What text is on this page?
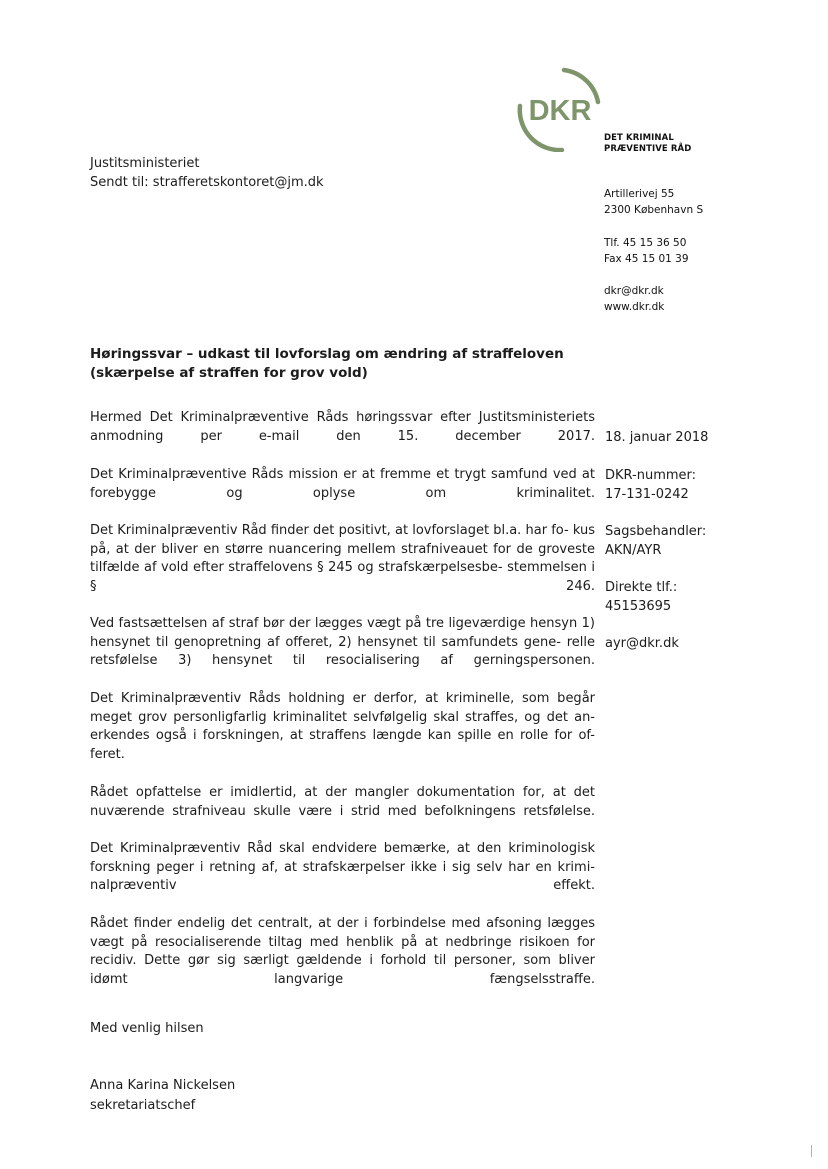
DKR
DET KRIMINAL
PRÆVENTIVE RÅD
Artillerivej 55
2300 København S
Tlf. 45 15 36 50
Fax 45 15 01 39
dkr@dkr.dk
www.dkr.dk
Justitsministeriet
Sendt til: strafferetskontoret@jm.dk
Høringssvar – udkast til lovforslag om ændring af straffeloven
(skærpelse af straffen for grov vold)
Hermed Det Kriminalpræventive Råds høringssvar efter Justitsministeriets anmodning per e-mail den 15. december 2017.
Det Kriminalpræventive Råds mission er at fremme et trygt samfund ved at forebygge og oplyse om kriminalitet.
Det Kriminalpræventiv Råd finder det positivt, at lovforslaget bl.a. har fo- kus på, at der bliver en større nuancering mellem strafniveauet for de groveste tilfælde af vold efter straffelovens § 245 og strafskærpelsesbe- stemmelsen i § 246.
Ved fastsættelsen af straf bør der lægges vægt på tre ligeværdige hensyn 1) hensynet til genopretning af offeret, 2) hensynet til samfundets gene- relle retsfølelse 3) hensynet til resocialisering af gerningspersonen.
Det Kriminalpræventiv Råds holdning er derfor, at kriminelle, som begår meget grov personligfarlig kriminalitet selvfølgelig skal straffes, og det an- erkendes også i forskningen, at straffens længde kan spille en rolle for of- feret.
Rådet opfattelse er imidlertid, at der mangler dokumentation for, at det nuværende strafniveau skulle være i strid med befolkningens retsfølelse.
Det Kriminalpræventiv Råd skal endvidere bemærke, at den kriminologisk forskning peger i retning af, at strafskærpelser ikke i sig selv har en krimi- nalpræventiv effekt.
Rådet finder endelig det centralt, at der i forbindelse med afsoning lægges vægt på resocialiserende tiltag med henblik på at nedbringe risikoen for recidiv. Dette gør sig særligt gældende i forhold til personer, som bliver idømt langvarige fængselsstraffe.
18. januar 2018
DKR-nummer:
17-131-0242
Sagsbehandler:
AKN/AYR
Direkte tlf.:
45153695
ayr@dkr.dk
Med venlig hilsen
Anna Karina Nickelsen
sekretariatschef
